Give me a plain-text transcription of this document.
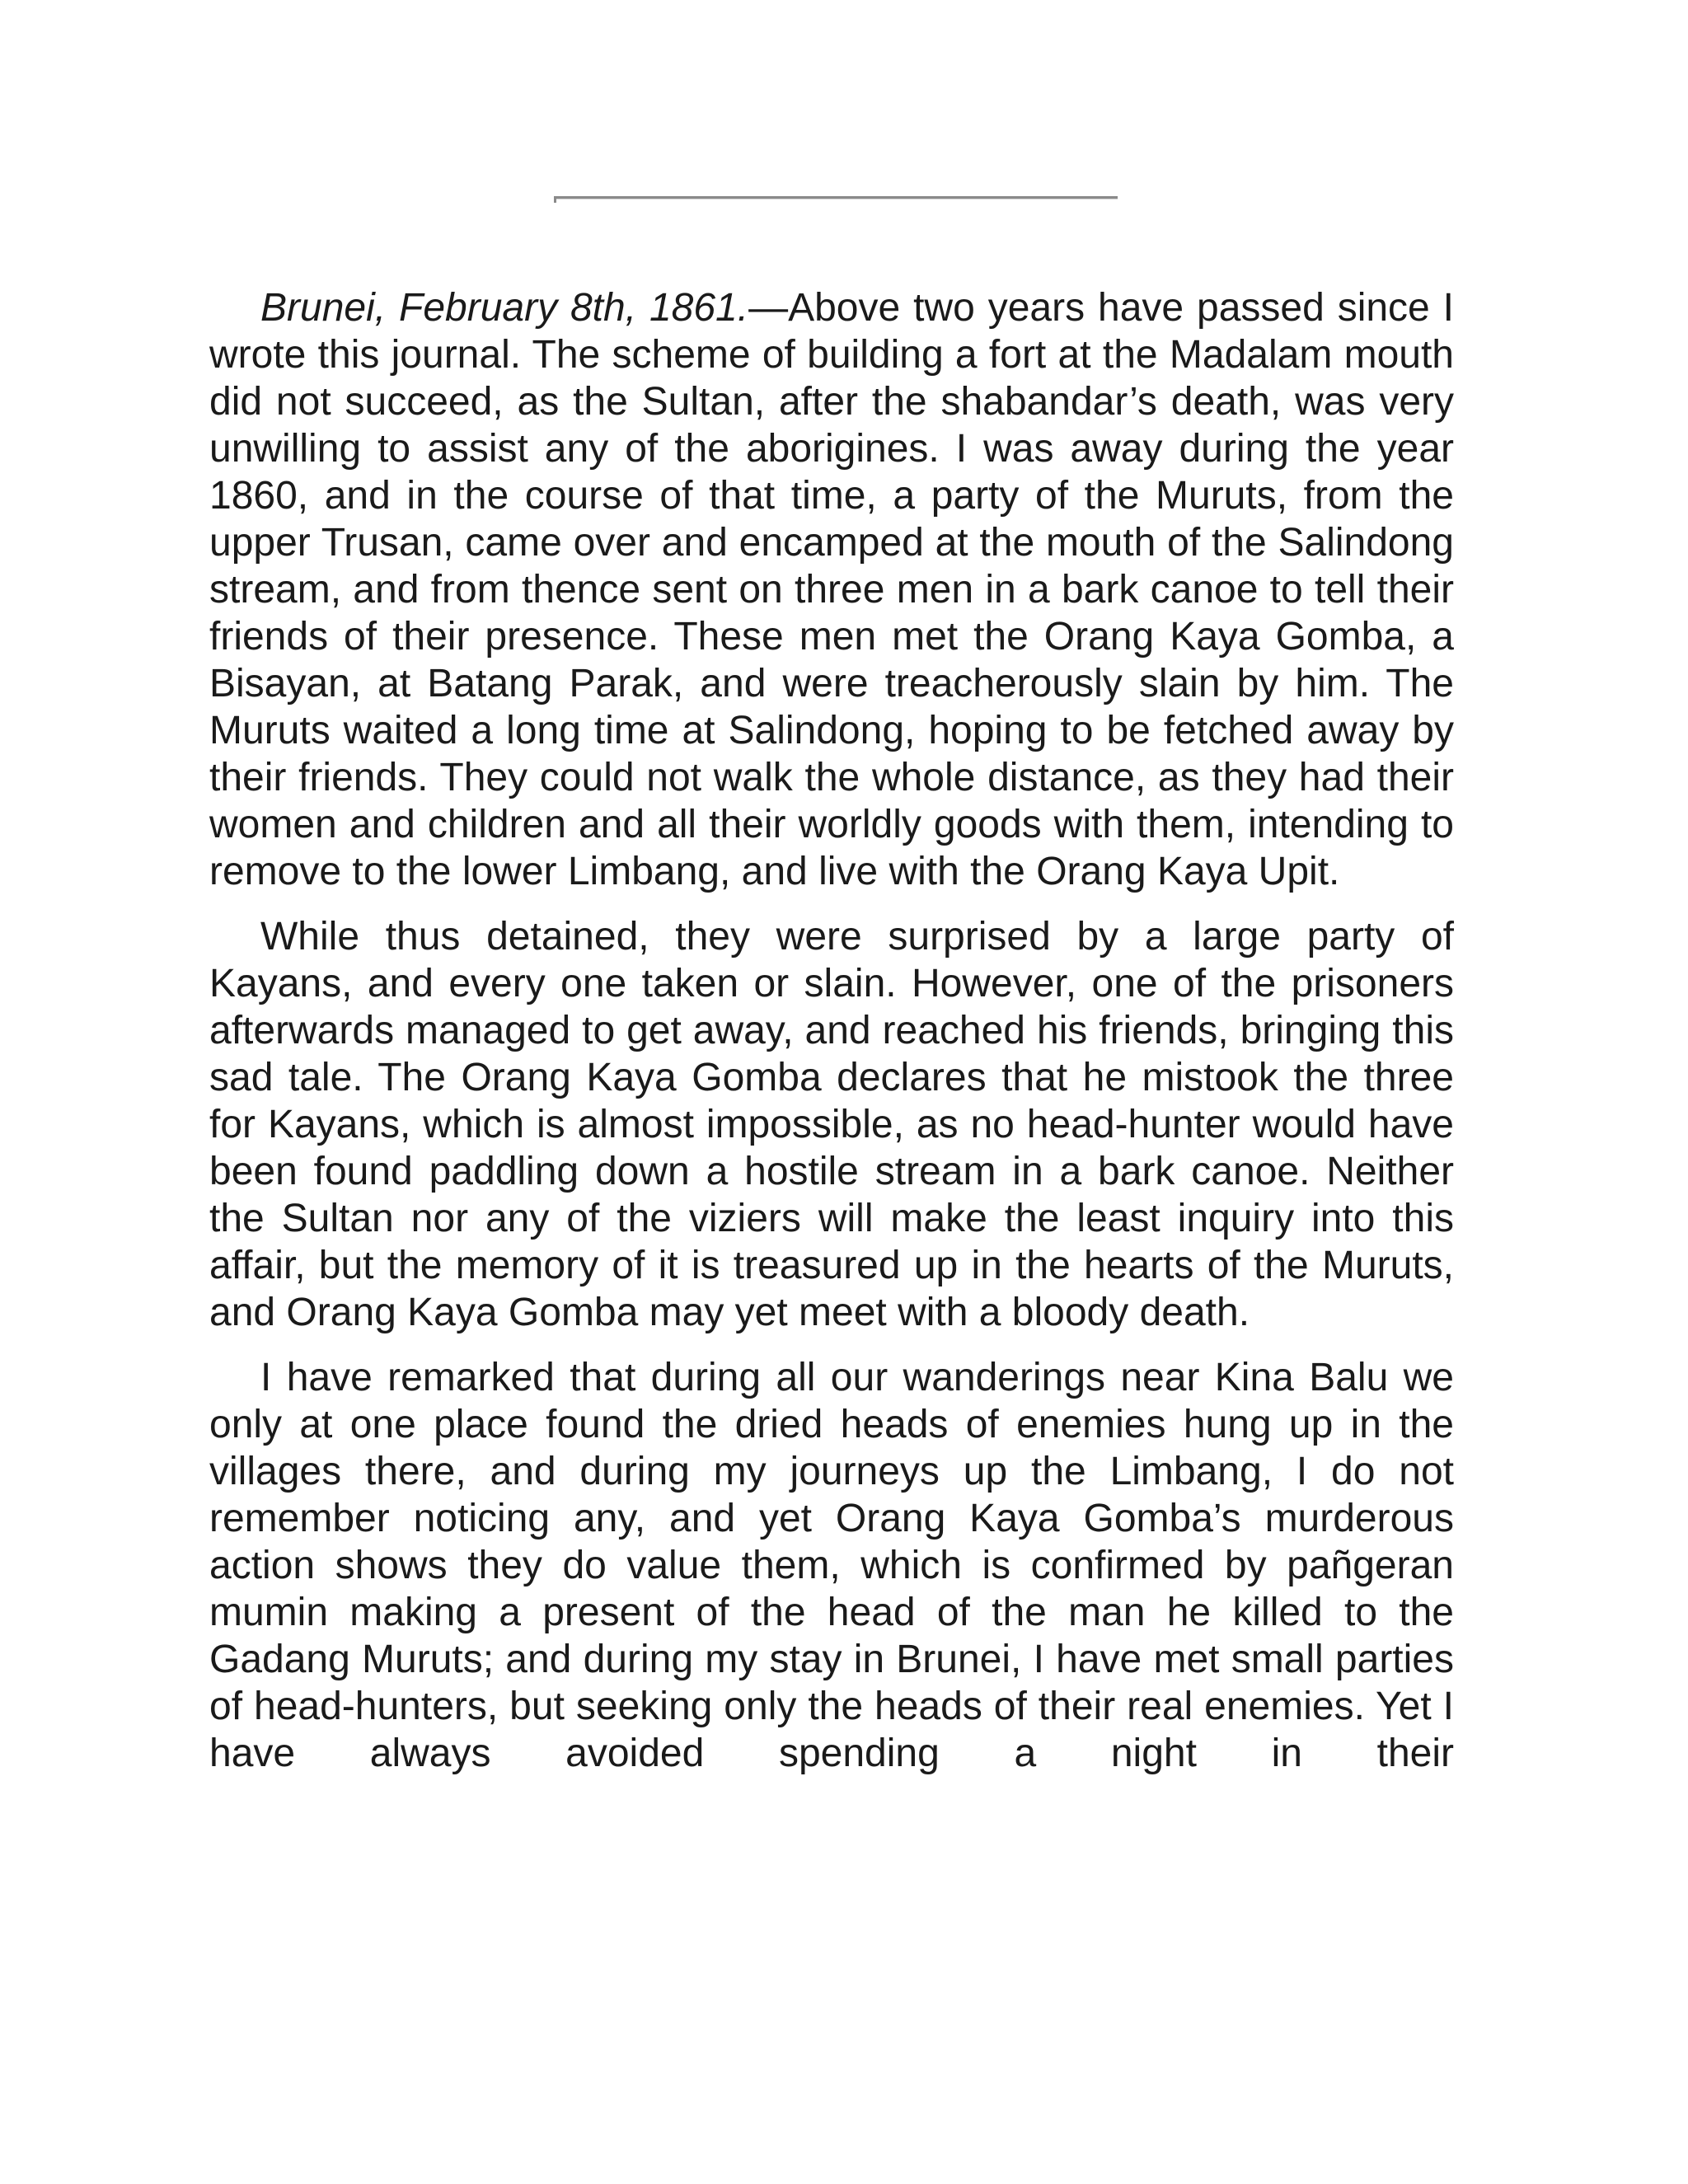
Brunei, February 8th, 1861.—Above two years have passed since I wrote this journal. The scheme of building a fort at the Madalam mouth did not succeed, as the Sultan, after the shabandar’s death, was very unwilling to assist any of the aborigines. I was away during the year 1860, and in the course of that time, a party of the Muruts, from the upper Trusan, came over and encamped at the mouth of the Salindong stream, and from thence sent on three men in a bark canoe to tell their friends of their presence. These men met the Orang Kaya Gomba, a Bisayan, at Batang Parak, and were treacherously slain by him. The Muruts waited a long time at Salindong, hoping to be fetched away by their friends. They could not walk the whole distance, as they had their women and children and all their worldly goods with them, intending to remove to the lower Limbang, and live with the Orang Kaya Upit.

While thus detained, they were surprised by a large party of Kayans, and every one taken or slain. However, one of the prisoners afterwards managed to get away, and reached his friends, bringing this sad tale. The Orang Kaya Gomba declares that he mistook the three for Kayans, which is almost impossible, as no head-hunter would have been found paddling down a hostile stream in a bark canoe. Neither the Sultan nor any of the viziers will make the least inquiry into this affair, but the memory of it is treasured up in the hearts of the Muruts, and Orang Kaya Gomba may yet meet with a bloody death.

I have remarked that during all our wanderings near Kina Balu we only at one place found the dried heads of enemies hung up in the villages there, and during my journeys up the Limbang, I do not remember noticing any, and yet Orang Kaya Gomba’s murderous action shows they do value them, which is confirmed by pañgeran mumin making a present of the head of the man he killed to the Gadang Muruts; and during my stay in Brunei, I have met small parties of head-hunters, but seeking only the heads of their real enemies. Yet I have always avoided spending a night in their
